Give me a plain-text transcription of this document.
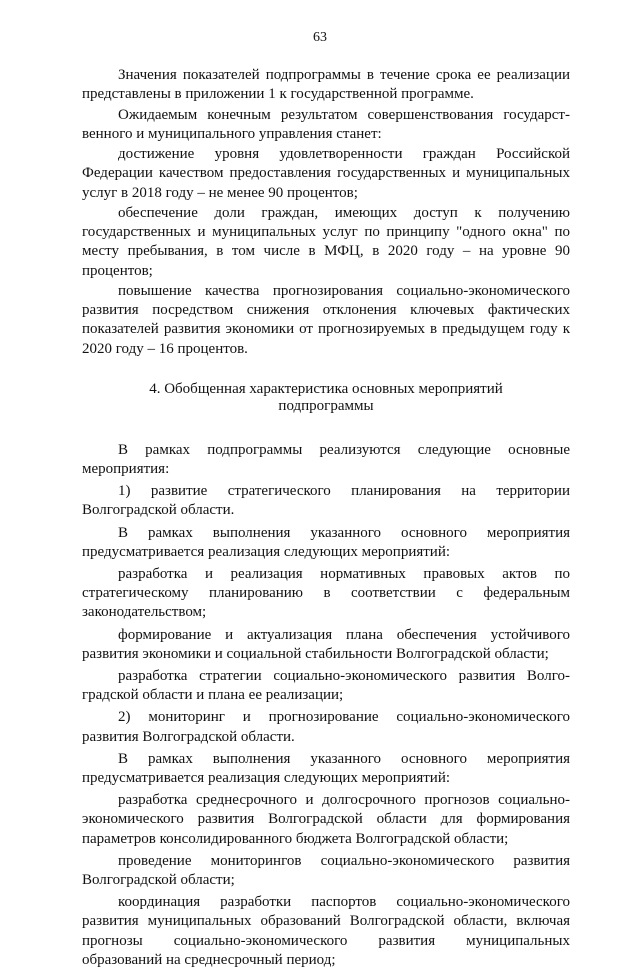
63

Значения показателей подпрограммы в течение срока ее реализации представлены в приложении 1 к государственной программе.

Ожидаемым конечным результатом совершенствования государственного и муниципального управления станет:

достижение уровня удовлетворенности граждан Российской Федерации качеством предоставления государственных и муниципальных услуг в 2018 году – не менее 90 процентов;

обеспечение доли граждан, имеющих доступ к получению государственных и муниципальных услуг по принципу "одного окна" по месту пребывания, в том числе в МФЦ, в 2020 году – на уровне 90 процентов;

повышение качества прогнозирования социально-экономического развития посредством снижения отклонения ключевых фактических показателей развития экономики от прогнозируемых в предыдущем году к 2020 году – 16 процентов.

4. Обобщенная характеристика основных мероприятий подпрограммы

В рамках подпрограммы реализуются следующие основные мероприятия:

1) развитие стратегического планирования на территории Волгоградской области.

В рамках выполнения указанного основного мероприятия предусматривается реализация следующих мероприятий:

разработка и реализация нормативных правовых актов по стратегическому планированию в соответствии с федеральным законодательством;

формирование и актуализация плана обеспечения устойчивого развития экономики и социальной стабильности Волгоградской области;

разработка стратегии социально-экономического развития Волгоградской области и плана ее реализации;

2) мониторинг и прогнозирование социально-экономического развития Волгоградской области.

В рамках выполнения указанного основного мероприятия предусматривается реализация следующих мероприятий:

разработка среднесрочного и долгосрочного прогнозов социально-экономического развития Волгоградской области для формирования параметров консолидированного бюджета Волгоградской области;

проведение мониторингов социально-экономического развития Волгоградской области;

координация разработки паспортов социально-экономического развития муниципальных образований Волгоградской области, включая прогнозы социально-экономического развития муниципальных образований на среднесрочный период;
